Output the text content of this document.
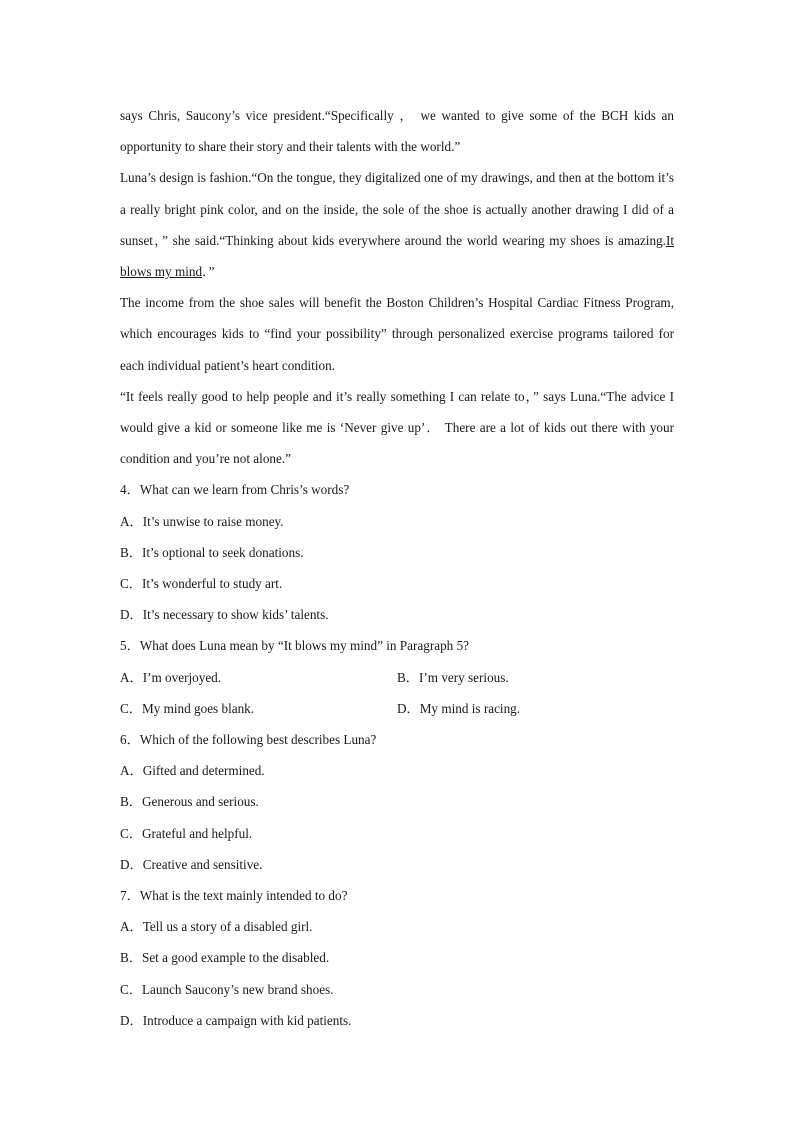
says Chris, Saucony’s vice president.“Specifically ， we wanted to give some of the BCH kids an opportunity to share their story and their talents with the world.”

Luna’s design is fashion.“On the tongue, they digitalized one of my drawings, and then at the bottom it’s a really bright pink color, and on the inside, the sole of the shoe is actually another drawing I did of a sunset，” she said.“Thinking about kids everywhere around the world wearing my shoes is amazing.It blows my mind．”

The income from the shoe sales will benefit the Boston Children’s Hospital Cardiac Fitness Program, which encourages kids to “find your possibility” through personalized exercise programs tailored for each individual patient’s heart condition.

“It feels really good to help people and it’s really something I can relate to，” says Luna.“The advice I would give a kid or someone like me is ‘Never give up’． There are a lot of kids out there with your condition and you’re not alone.”

4．What can we learn from Chris’s words?

A．It’s unwise to raise money.

B．It’s optional to seek donations.

C．It’s wonderful to study art.

D．It’s necessary to show kids’ talents.

5．What does Luna mean by “It blows my mind” in Paragraph 5?

A．I’m overjoyed.	B．I’m very serious.
C．My mind goes blank.	D．My mind is racing.

6．Which of the following best describes Luna?

A．Gifted and determined.

B．Generous and serious.

C．Grateful and helpful.

D．Creative and sensitive.

7．What is the text mainly intended to do?

A．Tell us a story of a disabled girl.

B．Set a good example to the disabled.

C．Launch Saucony’s new brand shoes.

D．Introduce a campaign with kid patients.
